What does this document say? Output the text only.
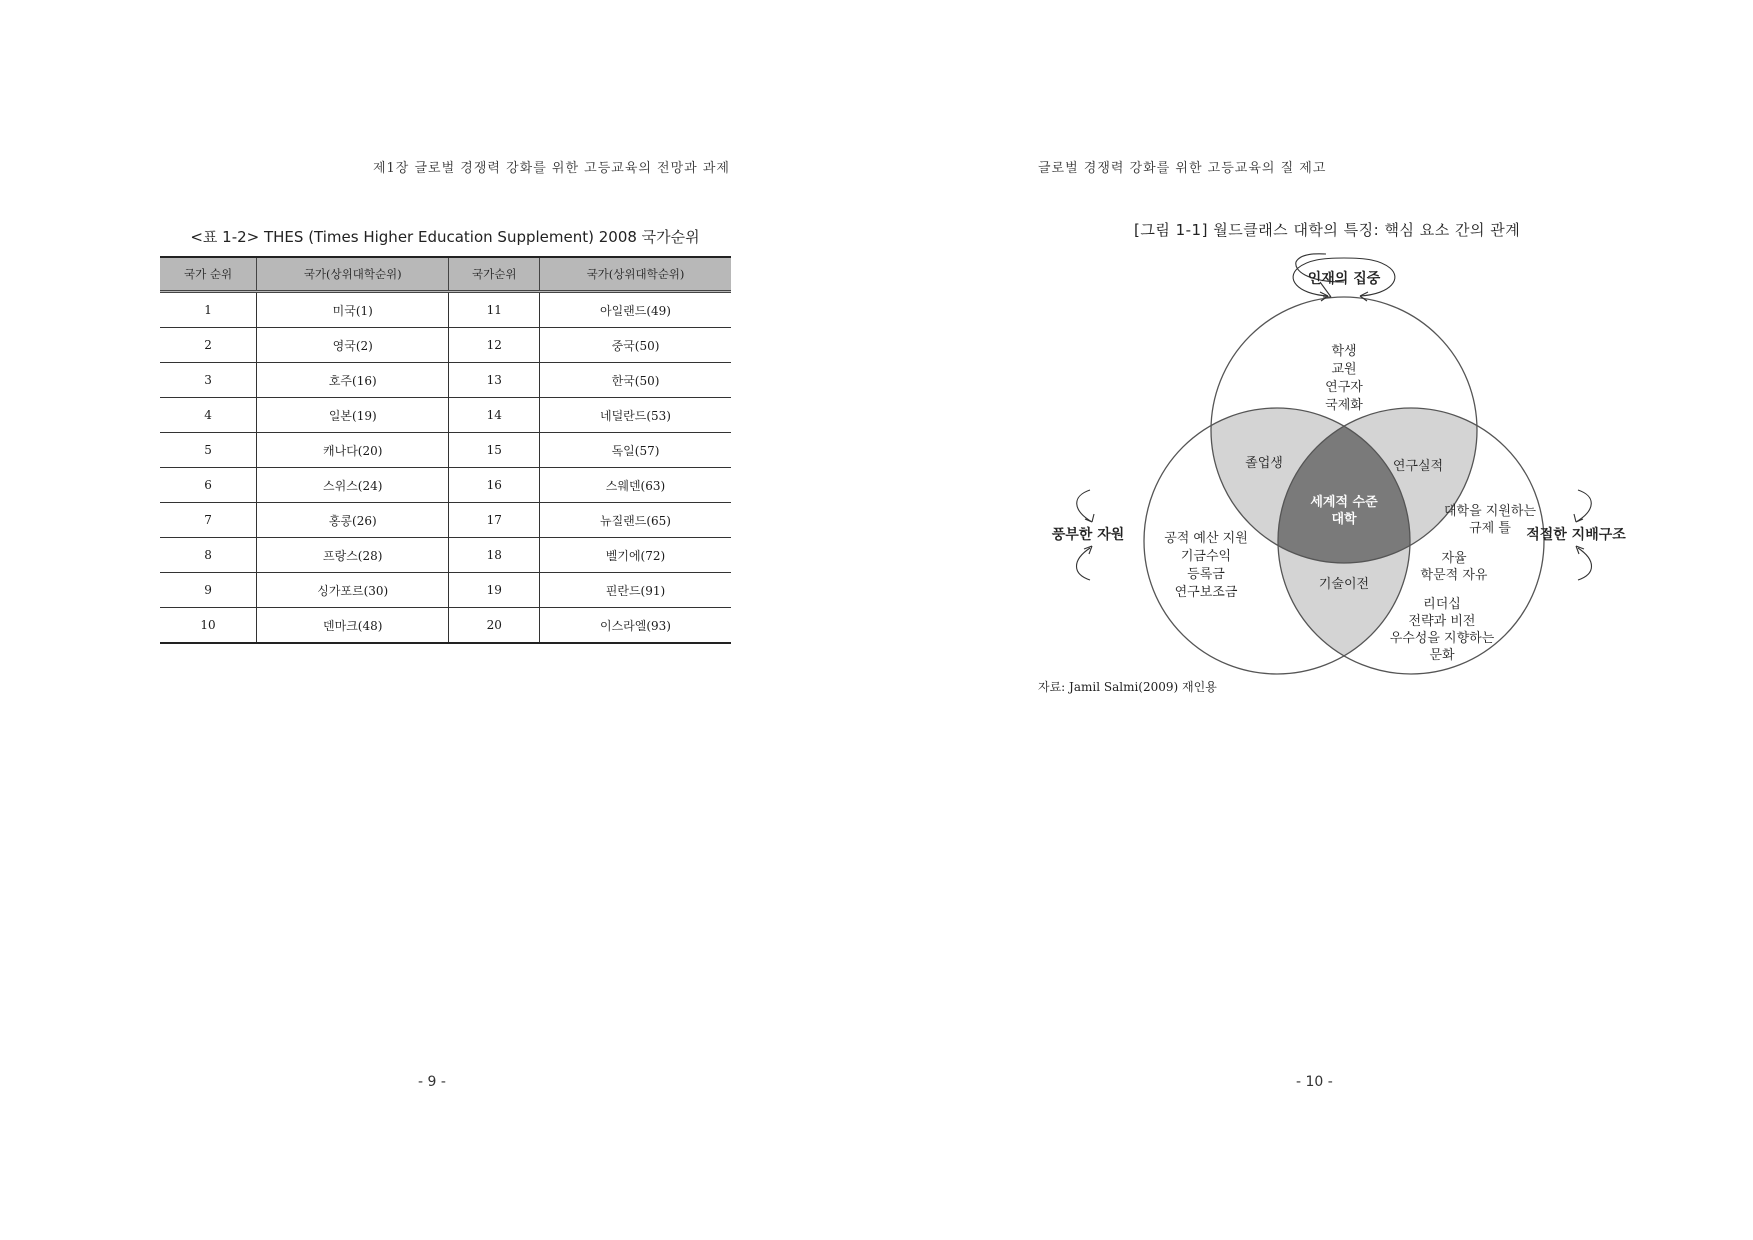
제1장 글로벌 경쟁력 강화를 위한 고등교육의 전망과 과제
<표 1-2> THES (Times Higher Education Supplement) 2008 국가순위
국가 순위	국가(상위대학순위)	국가순위	국가(상위대학순위)
1	미국(1)	11	아일랜드(49)
2	영국(2)	12	중국(50)
3	호주(16)	13	한국(50)
4	일본(19)	14	네덜란드(53)
5	캐나다(20)	15	독일(57)
6	스위스(24)	16	스웨덴(63)
7	홍콩(26)	17	뉴질랜드(65)
8	프랑스(28)	18	벨기에(72)
9	싱가포르(30)	19	핀란드(91)
10	덴마크(48)	20	이스라엘(93)
- 9 -
글로벌 경쟁력 강화를 위한 고등교육의 질 제고
[그림 1-1] 월드클래스 대학의 특징: 핵심 요소 간의 관계
인재의 집중
풍부한 자원	적절한 지배구조
학생
교원
연구자
국제화
졸업생	연구실적
기술이전
세계적 수준
대학
공적 예산 지원
기금수익
등록금
연구보조금
대학을 지원하는
규제 틀
자율
학문적 자유
리더십
전략과 비전
우수성을 지향하는
문화
자료: Jamil Salmi(2009) 재인용
- 10 -
